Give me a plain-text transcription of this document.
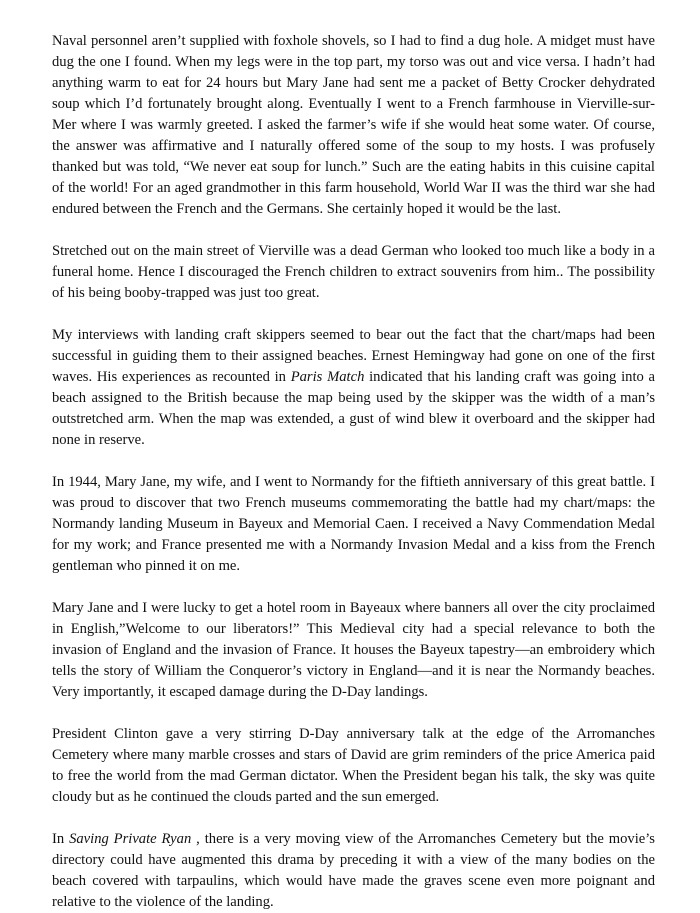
Naval personnel aren’t supplied with foxhole shovels, so I had to find a dug hole. A midget must have dug the one I found. When my legs were in the top part, my torso was out and vice versa. I hadn’t had anything warm to eat for 24 hours but Mary Jane had sent me a packet of Betty Crocker dehydrated soup which I’d fortunately brought along. Eventually I went to a French farmhouse in Vierville-sur-Mer where I was warmly greeted. I asked the farmer’s wife if she would heat some water. Of course, the answer was affirmative and I naturally offered some of the soup to my hosts. I was profusely thanked but was told, “We never eat soup for lunch.” Such are the eating habits in this cuisine capital of the world! For an aged grandmother in this farm household, World War II was the third war she had endured between the French and the Germans. She certainly hoped it would be the last.

Stretched out on the main street of Vierville was a dead German who looked too much like a body in a funeral home. Hence I discouraged the French children to extract souvenirs from him.. The possibility of his being booby-trapped was just too great.

My interviews with landing craft skippers seemed to bear out the fact that the chart/maps had been successful in guiding them to their assigned beaches. Ernest Hemingway had gone on one of the first waves. His experiences as recounted in Paris Match indicated that his landing craft was going into a beach assigned to the British because the map being used by the skipper was the width of a man’s outstretched arm. When the map was extended, a gust of wind blew it overboard and the skipper had none in reserve.

In 1944, Mary Jane, my wife, and I went to Normandy for the fiftieth anniversary of this great battle. I was proud to discover that two French museums commemorating the battle had my chart/maps: the Normandy landing Museum in Bayeux and Memorial Caen. I received a Navy Commendation Medal for my work; and France presented me with a Normandy Invasion Medal and a kiss from the French gentleman who pinned it on me.

Mary Jane and I were lucky to get a hotel room in Bayeaux where banners all over the city proclaimed in English,”Welcome to our liberators!” This Medieval city had a special relevance to both the invasion of England and the invasion of France. It houses the Bayeux tapestry—an embroidery which tells the story of William the Conqueror’s victory in England—and it is near the Normandy beaches. Very importantly, it escaped damage during the D-Day landings.

President Clinton gave a very stirring D-Day anniversary talk at the edge of the Arromanches Cemetery where many marble crosses and stars of David are grim reminders of the price America paid to free the world from the mad German dictator. When the President began his talk, the sky was quite cloudy but as he continued the clouds parted and the sun emerged.

In Saving Private Ryan , there is a very moving view of the Arromanches Cemetery but the movie’s directory could have augmented this drama by preceding it with a view of the many bodies on the beach covered with tarpaulins, which would have made the graves scene even more poignant and relative to the violence of the landing.
